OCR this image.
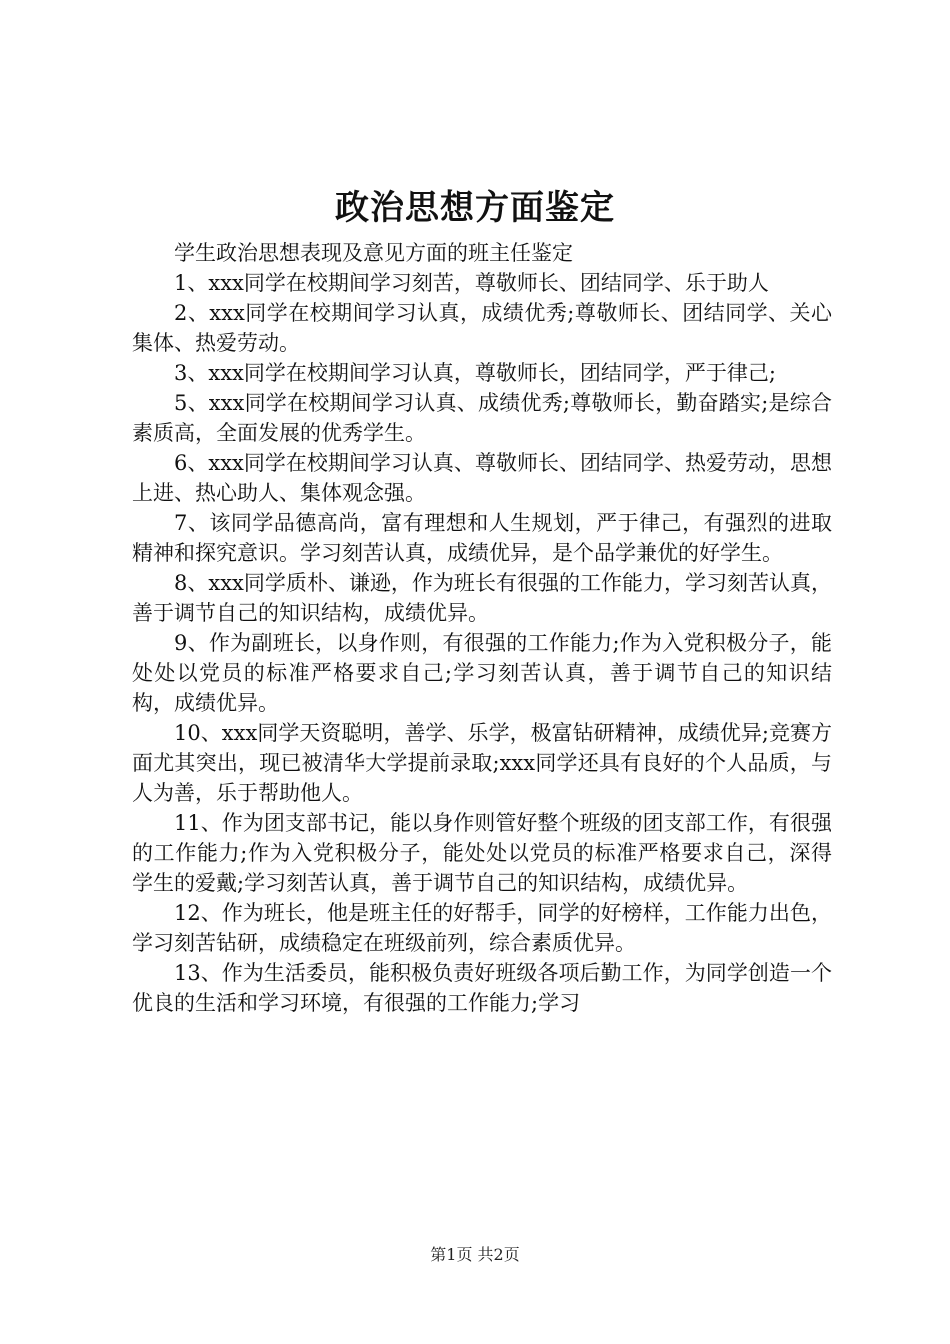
政治思想方面鉴定

学生政治思想表现及意见方面的班主任鉴定

1、xxx同学在校期间学习刻苦，尊敬师长、团结同学、乐于助人

2、xxx同学在校期间学习认真，成绩优秀;尊敬师长、团结同学、关心集体、热爱劳动。

3、xxx同学在校期间学习认真，尊敬师长，团结同学，严于律己;

5、xxx同学在校期间学习认真、成绩优秀;尊敬师长，勤奋踏实;是综合素质高，全面发展的优秀学生。

6、xxx同学在校期间学习认真、尊敬师长、团结同学、热爱劳动，思想上进、热心助人、集体观念强。

7、该同学品德高尚，富有理想和人生规划，严于律己，有强烈的进取精神和探究意识。学习刻苦认真，成绩优异，是个品学兼优的好学生。

8、xxx同学质朴、谦逊，作为班长有很强的工作能力，学习刻苦认真，善于调节自己的知识结构，成绩优异。

9、作为副班长，以身作则，有很强的工作能力;作为入党积极分子，能处处以党员的标准严格要求自己;学习刻苦认真，善于调节自己的知识结构，成绩优异。

10、xxx同学天资聪明，善学、乐学，极富钻研精神，成绩优异;竞赛方面尤其突出，现已被清华大学提前录取;xxx同学还具有良好的个人品质，与人为善，乐于帮助他人。

11、作为团支部书记，能以身作则管好整个班级的团支部工作，有很强的工作能力;作为入党积极分子，能处处以党员的标准严格要求自己，深得学生的爱戴;学习刻苦认真，善于调节自己的知识结构，成绩优异。

12、作为班长，他是班主任的好帮手，同学的好榜样，工作能力出色，学习刻苦钻研，成绩稳定在班级前列，综合素质优异。

13、作为生活委员，能积极负责好班级各项后勤工作，为同学创造一个优良的生活和学习环境，有很强的工作能力;学习

第1页 共2页
